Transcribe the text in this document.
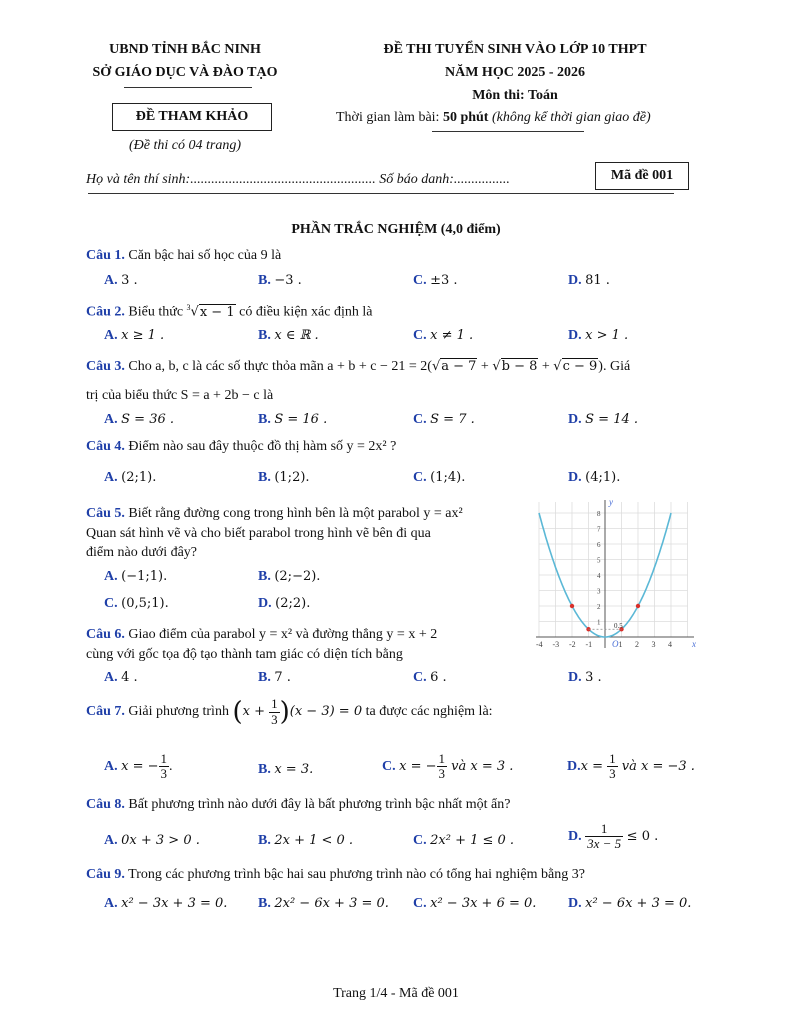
UBND TỈNH BẮC NINH
SỞ GIÁO DỤC VÀ ĐÀO TẠO
ĐỀ THAM KHẢO
(Đề thi có 04 trang)
ĐỀ THI TUYỂN SINH VÀO LỚP 10 THPT
NĂM HỌC 2025 - 2026
Môn thi: Toán
Thời gian làm bài: 50 phút (không kể thời gian giao đề)
Họ và tên thí sinh:..................................................... Số báo danh:................	Mã đề 001
PHẦN TRẮC NGHIỆM (4,0 điểm)
Câu 1. Căn bậc hai số học của 9 là
A. 3 .	B. −3 .	C. ±3 .	D. 81 .
Câu 2. Biểu thức $^3$√x − 1 có điều kiện xác định là
A. x ≥ 1 .	B. x ∈ ℝ .	C. x ≠ 1 .	D. x > 1 .
Câu 3. Cho a, b, c là các số thực thỏa mãn a + b + c − 21 = 2(√a − 7 + √b − 8 + √c − 9). Giá
trị của biểu thức S = a + 2b − c là
A. S = 36 .	B. S = 16 .	C. S = 7 .	D. S = 14 .
Câu 4. Điểm nào sau đây thuộc đồ thị hàm số y = 2x² ?
A. (2;1).	B. (1;2).	C. (1;4).	D. (4;1).
Câu 5. Biết rằng đường cong trong hình bên là một parabol y = ax²
Quan sát hình vẽ và cho biết parabol trong hình vẽ bên đi qua
điểm nào dưới đây?
A. (−1;1).	B. (2;−2).
C. (0,5;1).	D. (2;2).
-4 -3 -2 -1	1 2 3 4
1
2
3
4
5
6
7
8
x
y
O
0.5
Câu 6. Giao điểm của parabol y = x² và đường thẳng y = x + 2
cùng với gốc tọa độ tạo thành tam giác có diện tích bằng
A. 4 .	B. 7 .	C. 6 .	D. 3 .
Câu 7. Giải phương trình $(x + \frac{1}{3} )(x - 3) = 0$ ta được các nghiệm là:
A. x = − $\frac{1}{3}$ .	B. x = 3.	C. x = − $\frac{1}{3}$ và x = 3 .	$D.x = \frac{1}{3}$ và x = −3 .
Câu 8. Bất phương trình nào dưới đây là bất phương trình bậc nhất một ẩn?
A. 0x + 3 > 0 .	B. 2x + 1 < 0 .	C. 2x² + 1 ≤ 0 .	D. $\frac{1}{3x - 5} \le 0$ .
Câu 9. Trong các phương trình bậc hai sau phương trình nào có tổng hai nghiệm bằng 3?
A. x² − 3x + 3 = 0. B. 2x² − 6x + 3 = 0. C. x² − 3x + 6 = 0. D. x² − 6x + 3 = 0.
Trang 1/4 - Mã đề 001
